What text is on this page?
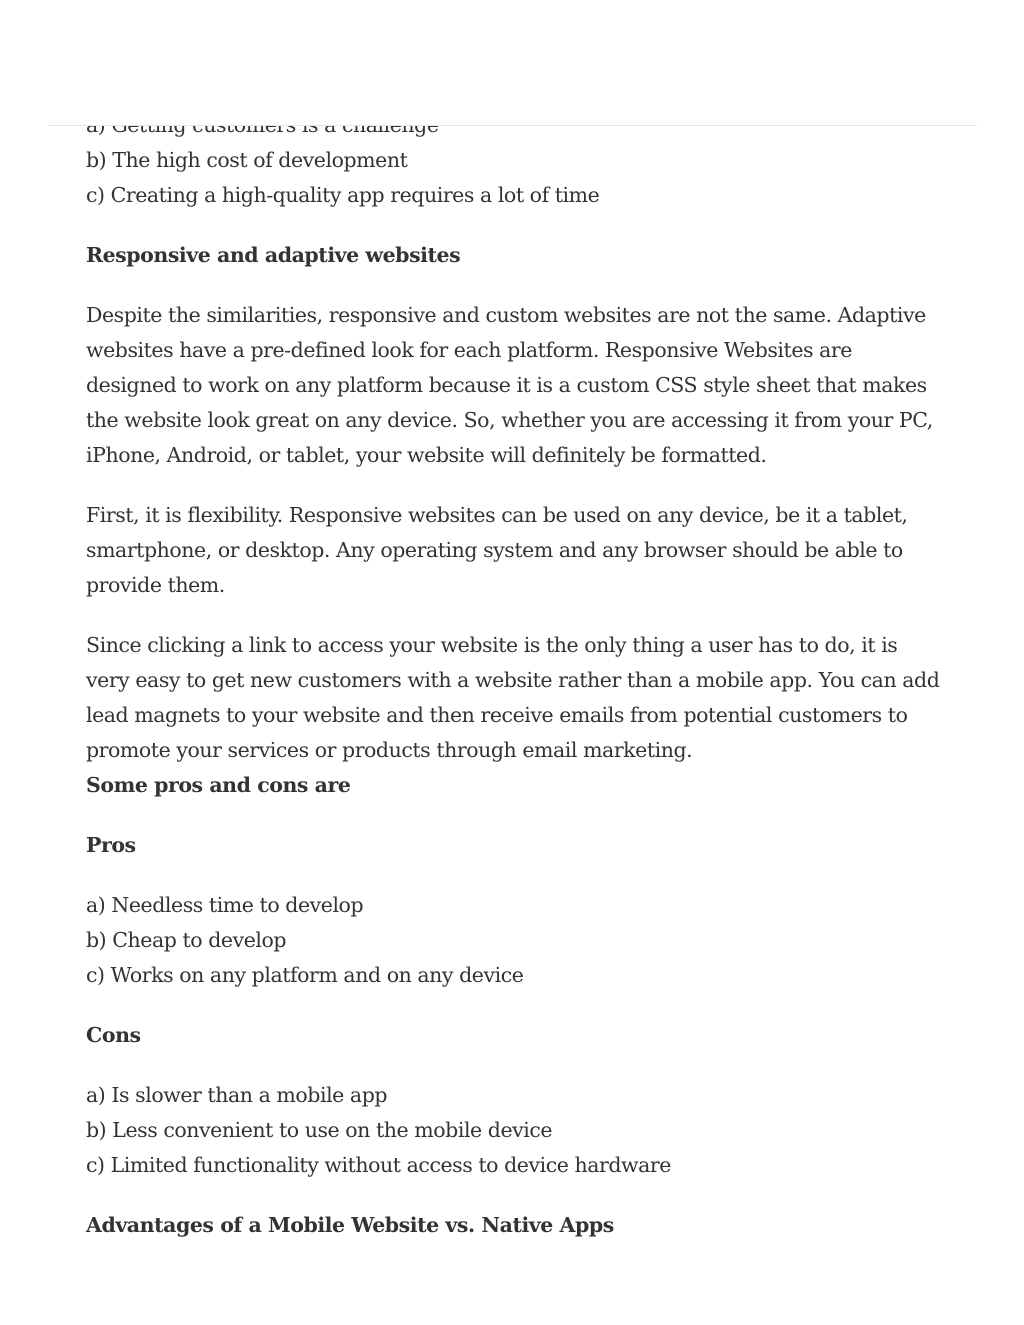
b) The high cost of development
c) Creating a high-quality app requires a lot of time

Responsive and adaptive websites

Despite the similarities, responsive and custom websites are not the same. Adaptive websites have a pre-defined look for each platform. Responsive Websites are designed to work on any platform because it is a custom CSS style sheet that makes the website look great on any device. So, whether you are accessing it from your PC, iPhone, Android, or tablet, your website will definitely be formatted.

First, it is flexibility. Responsive websites can be used on any device, be it a tablet, smartphone, or desktop. Any operating system and any browser should be able to provide them.

Since clicking a link to access your website is the only thing a user has to do, it is very easy to get new customers with a website rather than a mobile app. You can add lead magnets to your website and then receive emails from potential customers to promote your services or products through email marketing.

Some pros and cons are

Pros

a) Needless time to develop
b) Cheap to develop
c) Works on any platform and on any device

Cons

a) Is slower than a mobile app
b) Less convenient to use on the mobile device
c) Limited functionality without access to device hardware

Advantages of a Mobile Website vs. Native Apps
